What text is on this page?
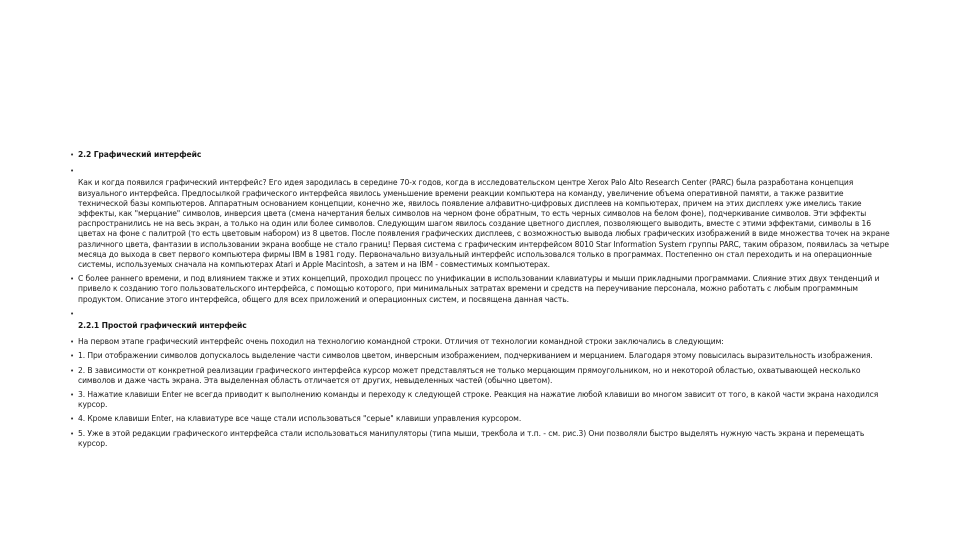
• 2.2 Графический интерфейс
•
Как и когда появился графический интерфейс? Его идея зародилась в середине 70-х годов, когда в исследовательском центре Xerox Palo Alto Research Center (PARC) была разработана концепция визуального интерфейса. Предпосылкой графического интерфейса явилось уменьшение времени реакции компьютера на команду, увеличение объема оперативной памяти, а также развитие технической базы компьютеров. Аппаратным основанием концепции, конечно же, явилось появление алфавитно-цифровых дисплеев на компьютерах, причем на этих дисплеях уже имелись такие эффекты, как "мерцание" символов, инверсия цвета (смена начертания белых символов на черном фоне обратным, то есть черных символов на белом фоне), подчеркивание символов. Эти эффекты распространились не на весь экран, а только на один или более символов. Следующим шагом явилось создание цветного дисплея, позволяющего выводить, вместе с этими эффектами, символы в 16 цветах на фоне с палитрой (то есть цветовым набором) из 8 цветов. После появления графических дисплеев, с возможностью вывода любых графических изображений в виде множества точек на экране различного цвета, фантазии в использовании экрана вообще не стало границ! Первая система с графическим интерфейсом 8010 Star Information System группы PARC, таким образом, появилась за четыре месяца до выхода в свет первого компьютера фирмы IBM в 1981 году. Первоначально визуальный интерфейс использовался только в программах. Постепенно он стал переходить и на операционные системы, используемых сначала на компьютерах Atari и Apple Macintosh, а затем и на IBM - совместимых компьютерах.
• С более раннего времени, и под влиянием также и этих концепций, проходил процесс по унификации в использовании клавиатуры и мыши прикладными программами. Слияние этих двух тенденций и привело к созданию того пользовательского интерфейса, с помощью которого, при минимальных затратах времени и средств на переучивание персонала, можно работать с любым программным продуктом. Описание этого интерфейса, общего для всех приложений и операционных систем, и посвящена данная часть.
•
2.2.1 Простой графический интерфейс
• На первом этапе графический интерфейс очень походил на технологию командной строки. Отличия от технологии командной строки заключались в следующим:
• 1. При отображении символов допускалось выделение части символов цветом, инверсным изображением, подчеркиванием и мерцанием. Благодаря этому повысилась выразительность изображения.
• 2. В зависимости от конкретной реализации графического интерфейса курсор может представляться не только мерцающим прямоугольником, но и некоторой областью, охватывающей несколько символов и даже часть экрана. Эта выделенная область отличается от других, невыделенных частей (обычно цветом).
• 3. Нажатие клавиши Enter не всегда приводит к выполнению команды и переходу к следующей строке. Реакция на нажатие любой клавиши во многом зависит от того, в какой части экрана находился курсор.
• 4. Кроме клавиши Enter, на клавиатуре все чаще стали использоваться "серые" клавиши управления курсором.
• 5. Уже в этой редакции графического интерфейса стали использоваться манипуляторы (типа мыши, трекбола и т.п. - см. рис.3) Они позволяли быстро выделять нужную часть экрана и перемещать курсор.
